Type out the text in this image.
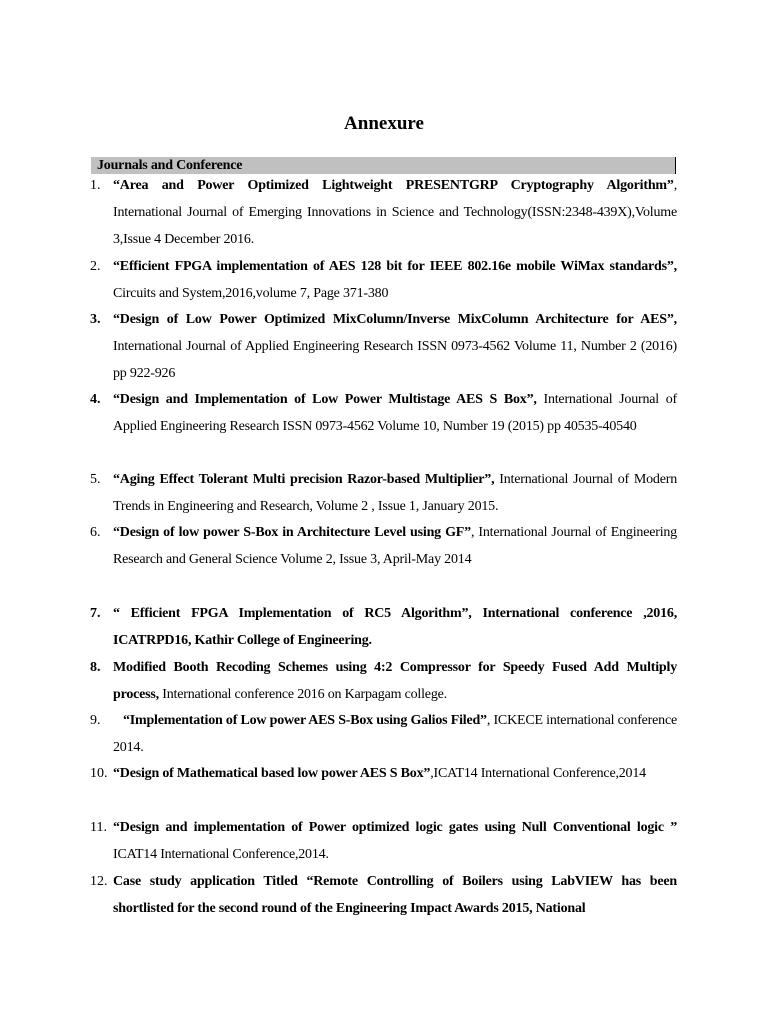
Annexure
Journals and Conference
1. “Area and Power Optimized Lightweight PRESENTGRP Cryptography Algorithm”, International Journal of Emerging Innovations in Science and Technology(ISSN:2348-439X),Volume 3,Issue 4 December 2016.
2. “Efficient FPGA implementation of AES 128 bit for IEEE 802.16e mobile WiMax standards”, Circuits and System,2016,volume 7, Page 371-380
3. “Design of Low Power Optimized MixColumn/Inverse MixColumn Architecture for AES”, International Journal of Applied Engineering Research ISSN 0973-4562 Volume 11, Number 2 (2016) pp 922-926
4. “Design and Implementation of Low Power Multistage AES S Box”, International Journal of Applied Engineering Research ISSN 0973-4562 Volume 10, Number 19 (2015) pp 40535-40540
5. “Aging Effect Tolerant Multi precision Razor-based Multiplier”, International Journal of Modern Trends in Engineering and Research, Volume 2 , Issue 1, January 2015.
6. “Design of low power S-Box in Architecture Level using GF”, International Journal of Engineering Research and General Science Volume 2, Issue 3, April-May 2014
7. “ Efficient FPGA Implementation of RC5 Algorithm”, International conference ,2016, ICATRPD16, Kathir College of Engineering.
8. Modified Booth Recoding Schemes using 4:2 Compressor for Speedy Fused Add Multiply process, International conference 2016 on Karpagam college.
9. “Implementation of Low power AES S-Box using Galios Filed”, ICKECE international conference 2014.
10. “Design of Mathematical based low power AES S Box”,ICAT14 International Conference,2014
11. “Design and implementation of Power optimized logic gates using Null Conventional logic ” ICAT14 International Conference,2014.
12. Case study application Titled “Remote Controlling of Boilers using LabVIEW has been shortlisted for the second round of the Engineering Impact Awards 2015, National
